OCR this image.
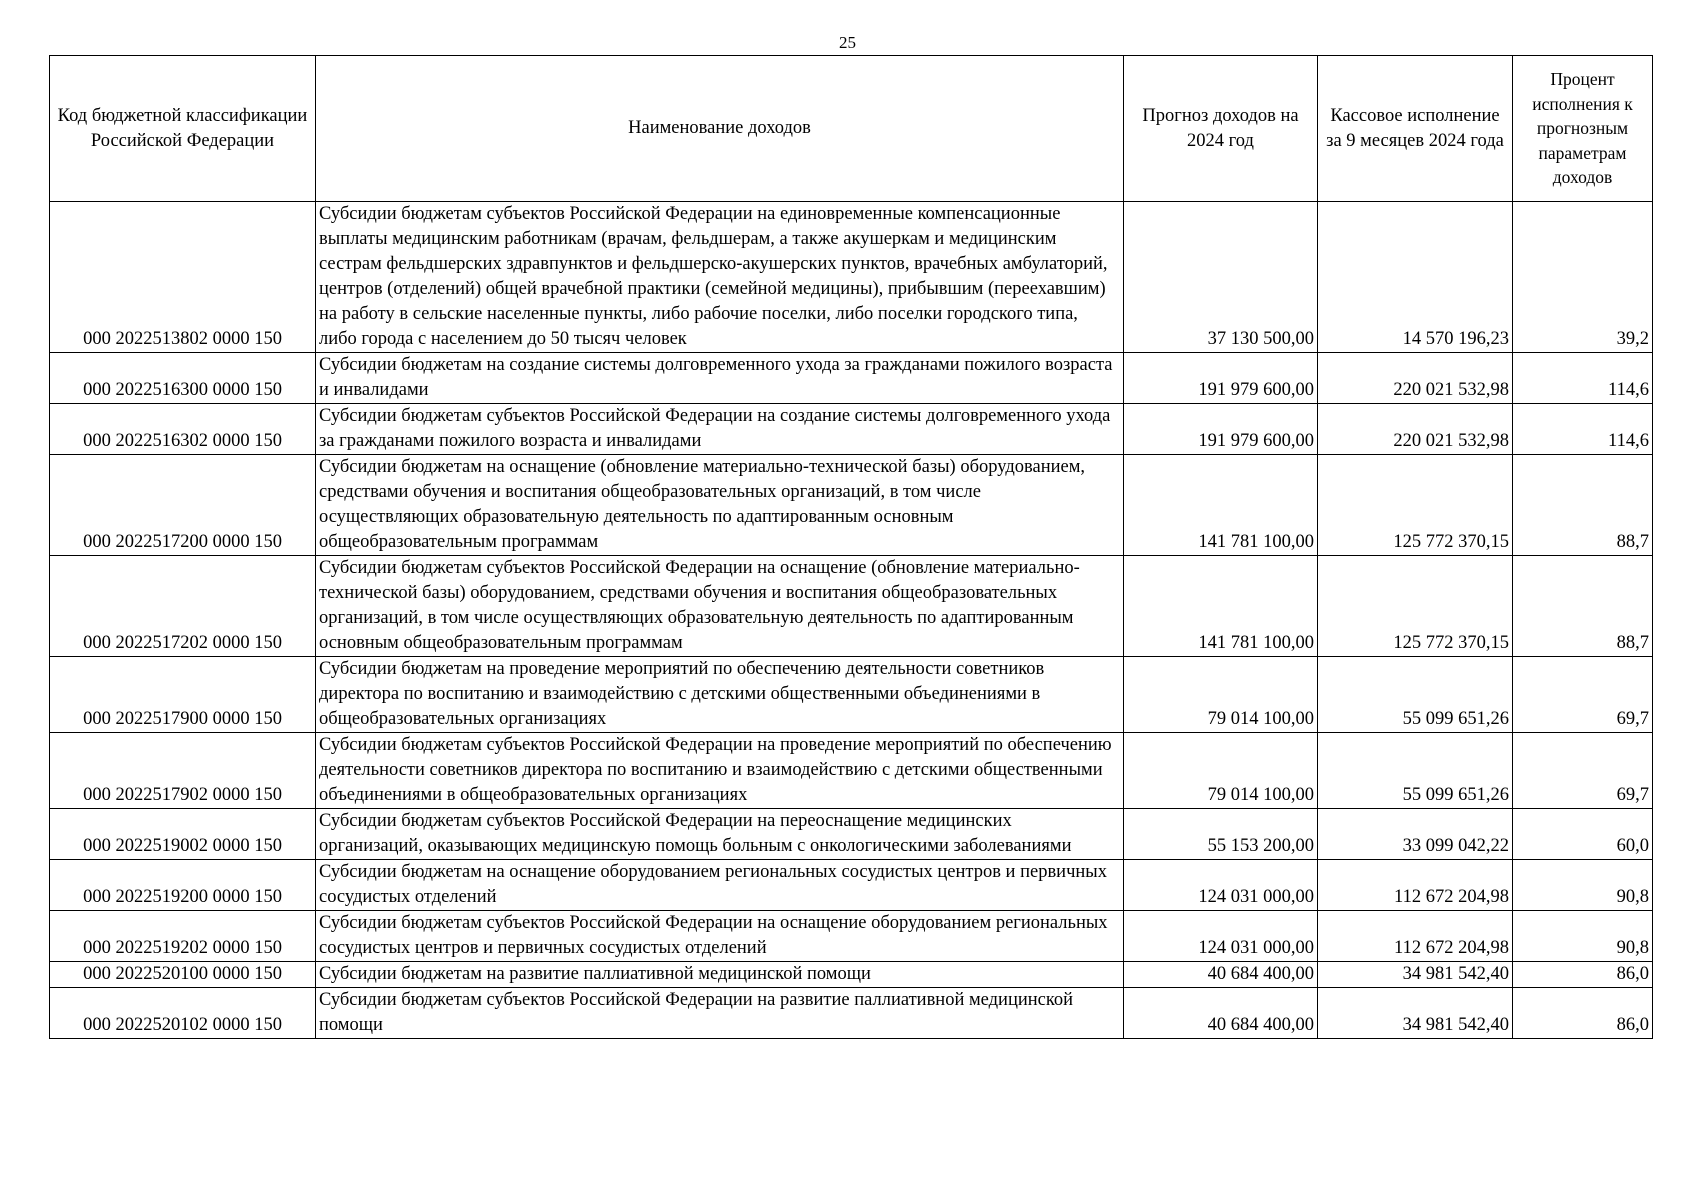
25
Код бюджетной классификации Российской Федерации	Наименование доходов	Прогноз доходов на 2024 год	Кассовое исполнение за 9 месяцев 2024 года	Процент исполнения к прогнозным параметрам доходов
000 2022513802 0000 150	Субсидии бюджетам субъектов Российской Федерации на единовременные компенсационные выплаты медицинским работникам (врачам, фельдшерам, а также акушеркам и медицинским сестрам фельдшерских здравпунктов и фельдшерско-акушерских пунктов, врачебных амбулаторий, центров (отделений) общей врачебной практики (семейной медицины), прибывшим (переехавшим) на работу в сельские населенные пункты, либо рабочие поселки, либо поселки городского типа, либо города с населением до 50 тысяч человек	37 130 500,00	14 570 196,23	39,2
000 2022516300 0000 150	Субсидии бюджетам на создание системы долговременного ухода за гражданами пожилого возраста и инвалидами	191 979 600,00	220 021 532,98	114,6
000 2022516302 0000 150	Субсидии бюджетам субъектов Российской Федерации на создание системы долговременного ухода за гражданами пожилого возраста и инвалидами	191 979 600,00	220 021 532,98	114,6
000 2022517200 0000 150	Субсидии бюджетам на оснащение (обновление материально-технической базы) оборудованием, средствами обучения и воспитания общеобразовательных организаций, в том числе осуществляющих образовательную деятельность по адаптированным основным общеобразовательным программам	141 781 100,00	125 772 370,15	88,7
000 2022517202 0000 150	Субсидии бюджетам субъектов Российской Федерации на оснащение (обновление материально-технической базы) оборудованием, средствами обучения и воспитания общеобразовательных организаций, в том числе осуществляющих образовательную деятельность по адаптированным основным общеобразовательным программам	141 781 100,00	125 772 370,15	88,7
000 2022517900 0000 150	Субсидии бюджетам на проведение мероприятий по обеспечению деятельности советников директора по воспитанию и взаимодействию с детскими общественными объединениями в общеобразовательных организациях	79 014 100,00	55 099 651,26	69,7
000 2022517902 0000 150	Субсидии бюджетам субъектов Российской Федерации на проведение мероприятий по обеспечению деятельности советников директора по воспитанию и взаимодействию с детскими общественными объединениями в общеобразовательных организациях	79 014 100,00	55 099 651,26	69,7
000 2022519002 0000 150	Субсидии бюджетам субъектов Российской Федерации на переоснащение медицинских организаций, оказывающих медицинскую помощь больным с онкологическими заболеваниями	55 153 200,00	33 099 042,22	60,0
000 2022519200 0000 150	Субсидии бюджетам на оснащение оборудованием региональных сосудистых центров и первичных сосудистых отделений	124 031 000,00	112 672 204,98	90,8
000 2022519202 0000 150	Субсидии бюджетам субъектов Российской Федерации на оснащение оборудованием региональных сосудистых центров и первичных сосудистых отделений	124 031 000,00	112 672 204,98	90,8
000 2022520100 0000 150	Субсидии бюджетам на развитие паллиативной медицинской помощи	40 684 400,00	34 981 542,40	86,0
000 2022520102 0000 150	Субсидии бюджетам субъектов Российской Федерации на развитие паллиативной медицинской помощи	40 684 400,00	34 981 542,40	86,0
